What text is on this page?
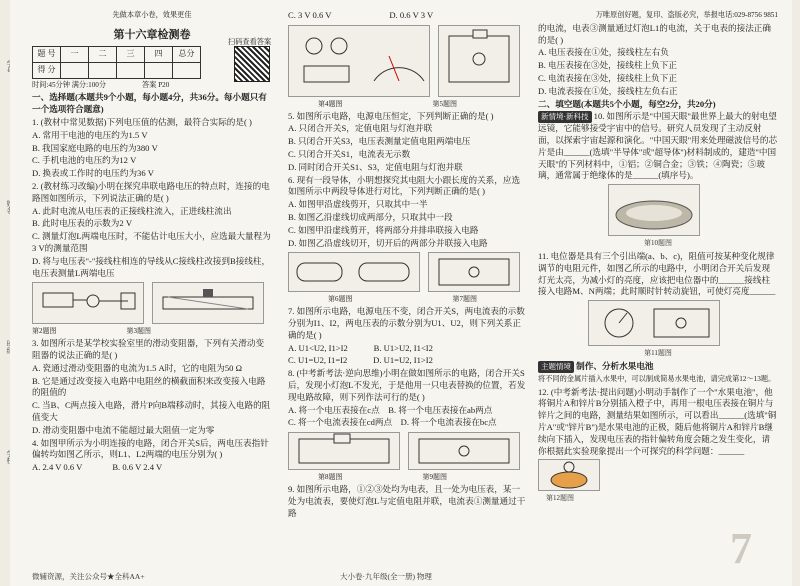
先做本章小卷，效果更佳

第十六章检测卷

题 号	一	二	三	四	总分
得 分					
扫码查看答案

时间:45分钟 满分:100分	答案 P20

一、选择题(本题共9个小题，每小题4分，共36分。每小题只有一个选项符合题意)

1. (教材中常见数据)下列电压值的估测，最符合实际的是( )

A. 常用干电池的电压约为1.5 V

B. 我国家庭电路的电压约为380 V

C. 手机电池的电压约为12 V

D. 换表或工作时的电压约为36 V

2. (教材练习改编)小明在探究串联电路电压的特点时，连接的电路图如图所示，下列说法正确的是( )

A. 此时电流从电压表的正接线柱流入，正进线柱流出

B. 此时电压表的示数为2 V

C. 测量灯泡L两端电压时，不能估计电压大小，应选最大量程为3 V的测量范围

D. 将与电压表"-"接线柱相连的导线从C接线柱改接到B接线柱，电压表测量L两端电压

第2题图	第3题图

3. 如图所示是某学校实验室里的滑动变阻器，下列有关滑动变阻器的说法正确的是( )

A. 瓷通过滑动变阻器的电流为1.5 A时，它的电阻为50 Ω

B. 它是通过改变接入电路中电阻丝的横截面积来改变接入电路的阻值的

C. 当B、C两点接入电路，滑片P向B端移动时，其接入电路的阻值变大

D. 滑动变阻器中电流不能超过最大阻值一定为零

4. 如图甲所示为小明连接的电路，闭合开关S后，两电压表指针偏转均如图乙所示，则L1、L2两端的电压分别为( )

A. 2.4 V 0.6 V	B. 0.6 V 2.4 V

微辅资源，关注公众号★全科AA+

C. 3 V 0.6 V	D. 0.6 V 3 V

第4题图	第5题图

5. 如图所示电路，电源电压恒定，下列判断正确的是( )

A. 只闭合开关S，定值电阻与灯泡并联

B. 只闭合开关S3，电压表测量定值电阻两端电压

C. 只闭合开关S1，电流表无示数

D. 同时闭合开关S1、S3，定值电阻与灯泡并联

6. 现有一段导体，小明想探究其电阻大小跟长度的关系，应选如图所示中两段导体进行对比，下列判断正确的是( )

A. 如图甲沿虚线剪开，只取其中一半

B. 如图乙沿虚线切成两部分，只取其中一段

C. 如图甲沿虚线剪开，将两部分并排串联接入电路

D. 如图乙沿虚线切开，切开后的两部分并联接入电路

第6题图	第7题图

7. 如图所示电路，电源电压不变，闭合开关S，两电流表的示数分别为I1、I2，两电压表的示数分别为U1、U2，则下列关系正确的是( )

A. U1<U2, I1>I2	B. U1>U2, I1<I2

C. U1=U2, I1=I2	D. U1=U2, I1>I2

8. (中考新考法·逆向思维)小明在做如图所示的电路，闭合开关S后，发现小灯泡L不发光，于是他用一只电表替换的位置，若发现电路故障，则下列作法可行的是( )

A. 将一个电压表接在c点 B. 将一个电压表接在ab两点

C. 将一个电流表接在cd两点 D. 将一个电流表接在bc点

第8题图	第9题图

9. 如图所示电路，①②③处均为电表，且一处为电压表，某一处为电流表，要使灯泡L与定值电阻并联，电流表①测量通过干路

大小卷·九年级(全一册) 物理

万唯原创好题，复印、盗版必究，举报电话:029-8756 9851

的电流，电表③测量通过灯泡L1的电流，关于电表的接法正确的是( )

A. 电压表接在①处，接线柱左右负

B. 电压表接在③处，接线柱上负下正

C. 电流表接在③处，接线柱上负下正

D. 电流表接在①处，接线柱左负右正

二、填空题(本题共5个小题，每空2分，共20分)

新情境·新科技 10. 如图所示是"中国天眼"最世界上最大的射电望远镜，它能够接受宇宙中的信号。研究人员发现了主动反射面，以探索宇宙起源和演化。"中国天眼"用来处理磁波信号的芯片是由______(选填"半导体"或"超导体")材料制成的，建造"中国天眼"的下列材料中，①铝；②铜合金；③铁；④陶瓷；⑤玻璃，通常属于绝缘体的是______(填序号)。

第10题图

11. 电位器是具有三个引出端(a、b、c)，阻值可按某种变化规律调节的电阻元件，如图乙所示的电路中，小明闭合开关后发现灯光太亮，为减小灯的亮度，应该把电位器中的______接线柱接入电路M、N两端；此时顺时针转动旋钮，可使灯亮度______

第11题图

主题情境 制作、分析水果电池

将不同的金属片插入水果中，可以制成简易水果电池，请完成第12～13题。

12. (中考新考法·提出问题)小明动手制作了一个"水果电池"，他将铜片A和锌片B分别插入橙子中，再用一根电压表接在铜片与锌片之间的电路，测量结果如图所示，可以看出______(选填"铜片A"或"锌片B")是水果电池的正极，随后他将铜片A和锌片B继续向下插入，发现电压表的指针偏转角度会随之发生变化，请你根据此实验现象提出一个可探究的科学问题：______

第12题图

7
